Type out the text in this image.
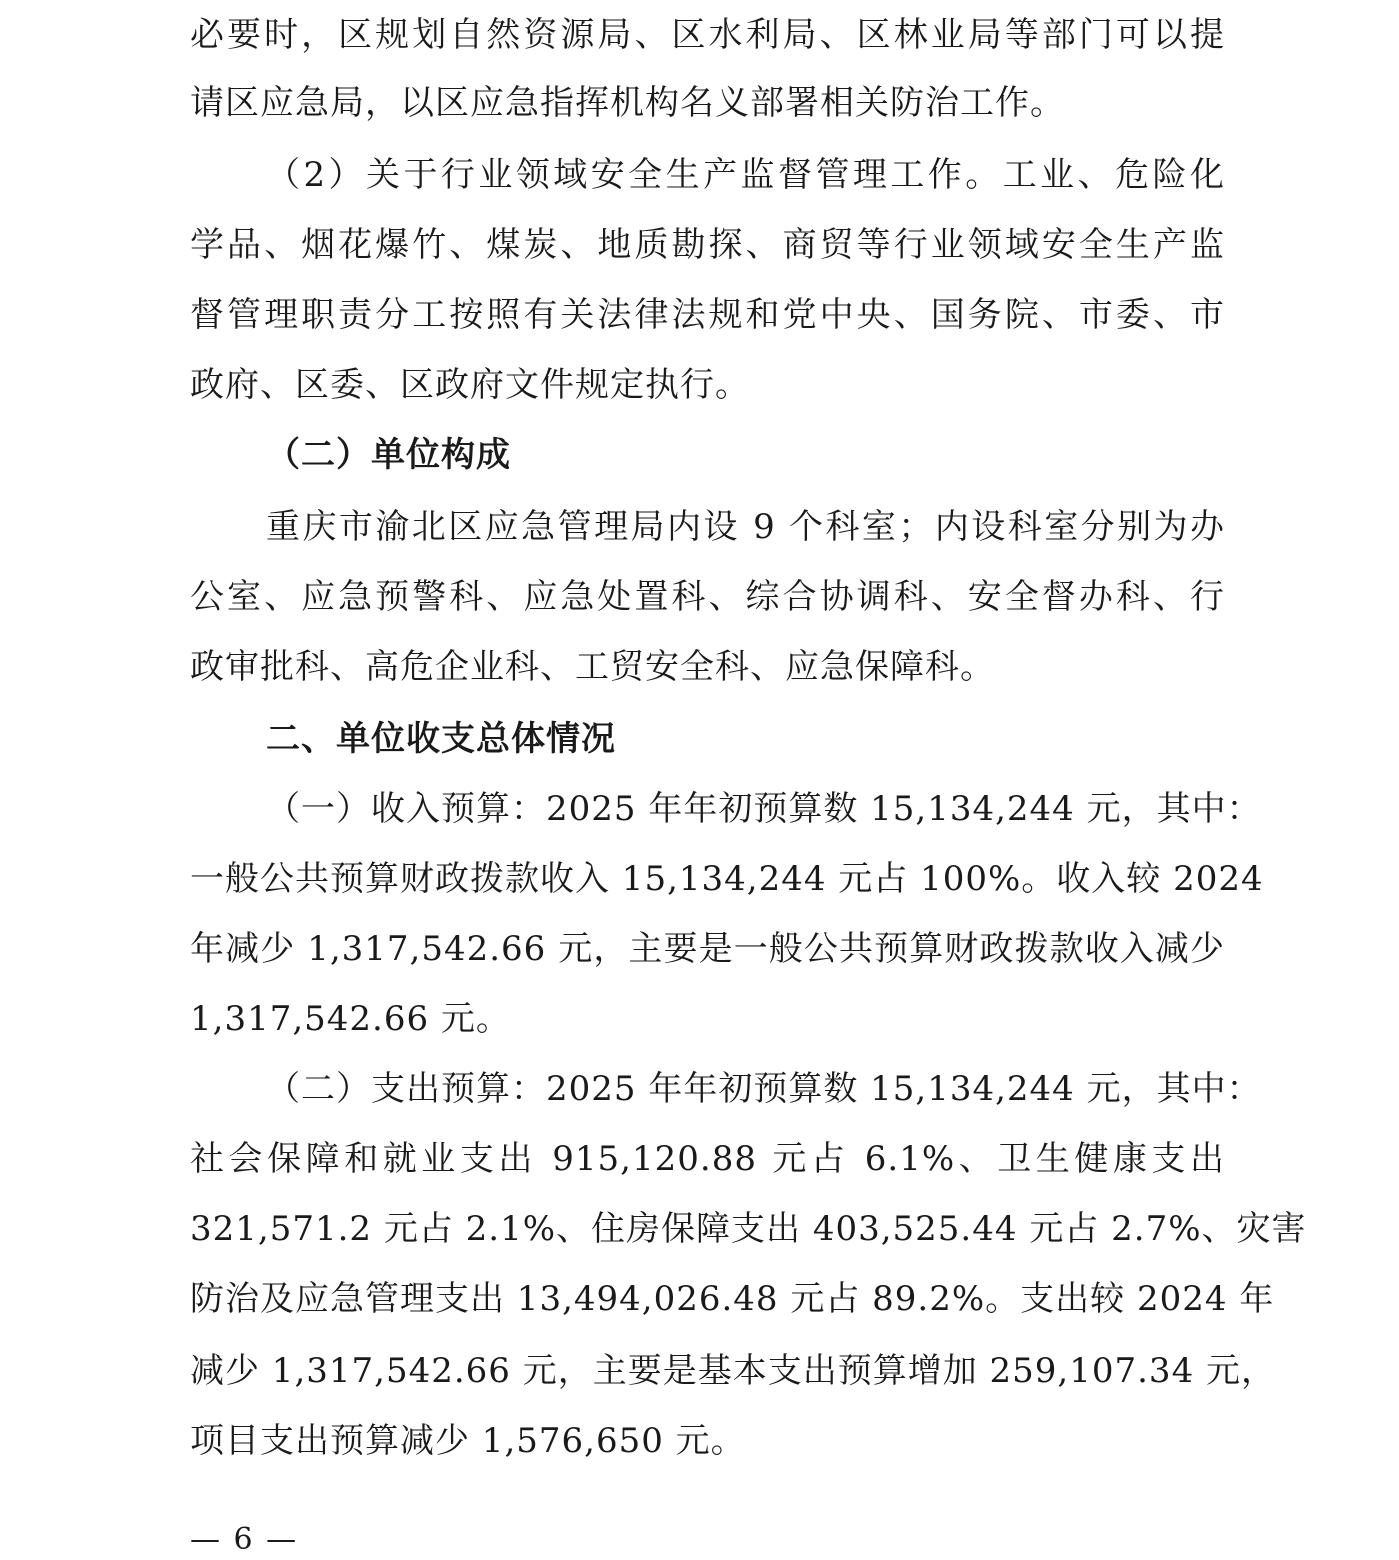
必要时，区规划自然资源局、区水利局、区林业局等部门可以提
请区应急局，以区应急指挥机构名义部署相关防治工作。
（2）关于行业领域安全生产监督管理工作。工业、危险化
学品、烟花爆竹、煤炭、地质勘探、商贸等行业领域安全生产监
督管理职责分工按照有关法律法规和党中央、国务院、市委、市
政府、区委、区政府文件规定执行。
（二）单位构成
重庆市渝北区应急管理局内设 9 个科室；内设科室分别为办
公室、应急预警科、应急处置科、综合协调科、安全督办科、行
政审批科、高危企业科、工贸安全科、应急保障科。
二、单位收支总体情况
（一）收入预算：2025 年年初预算数 15,134,244 元，其中：
一般公共预算财政拨款收入 15,134,244 元占 100%。收入较 2024
年减少 1,317,542.66 元，主要是一般公共预算财政拨款收入减少
1,317,542.66 元。
（二）支出预算：2025 年年初预算数 15,134,244 元，其中：
社会保障和就业支出 915,120.88 元占 6.1%、卫生健康支出
321,571.2 元占 2.1%、住房保障支出 403,525.44 元占 2.7%、灾害
防治及应急管理支出 13,494,026.48 元占 89.2%。支出较 2024 年
减少 1,317,542.66 元，主要是基本支出预算增加 259,107.34 元，
项目支出预算减少 1,576,650 元。
— 6 —
